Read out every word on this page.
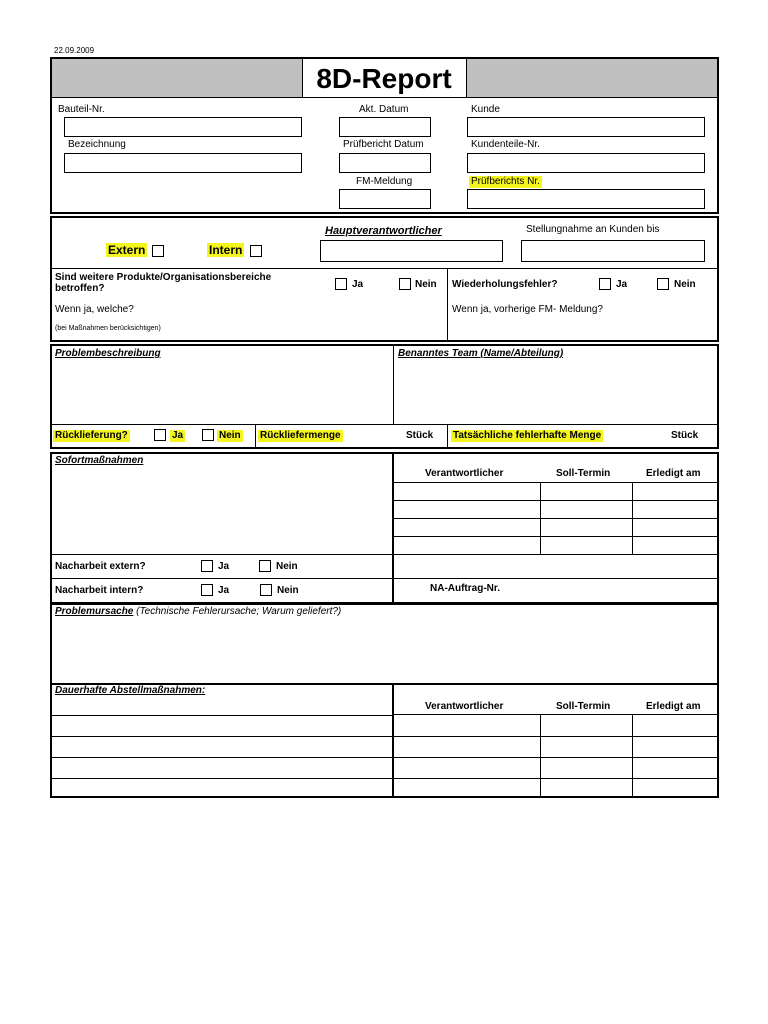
22.09.2009
8D-Report
Bauteil-Nr.
Bezeichnung
Akt. Datum
Prüfbericht Datum
FM-Meldung
Kunde
Kundenteile-Nr.
Prüfberichts Nr.
Extern	Intern
Hauptverantwortlicher	Stellungnahme an Kunden bis
Sind weitere Produkte/Organisationsbereiche betroffen?	Ja	Nein
Wenn ja, welche?
(bei Maßnahmen berücksichtigen)
Wiederholungsfehler?	Ja	Nein
Wenn ja, vorherige FM- Meldung?
Problembeschreibung	Benanntes Team (Name/Abteilung)
Rücklieferung?	Ja	Nein Rückliefermenge	Stück Tatsächliche fehlerhafte Menge	Stück
Sofortmaßnahmen
Verantwortlicher	Soll-Termin	Erledigt am
Nacharbeit extern?	Ja	Nein
Nacharbeit intern?	Ja	Nein	NA-Auftrag-Nr.
Problemursache (Technische Fehlerursache; Warum geliefert?)
Dauerhafte Abstellmaßnahmen:
Verantwortlicher	Soll-Termin	Erledigt am
